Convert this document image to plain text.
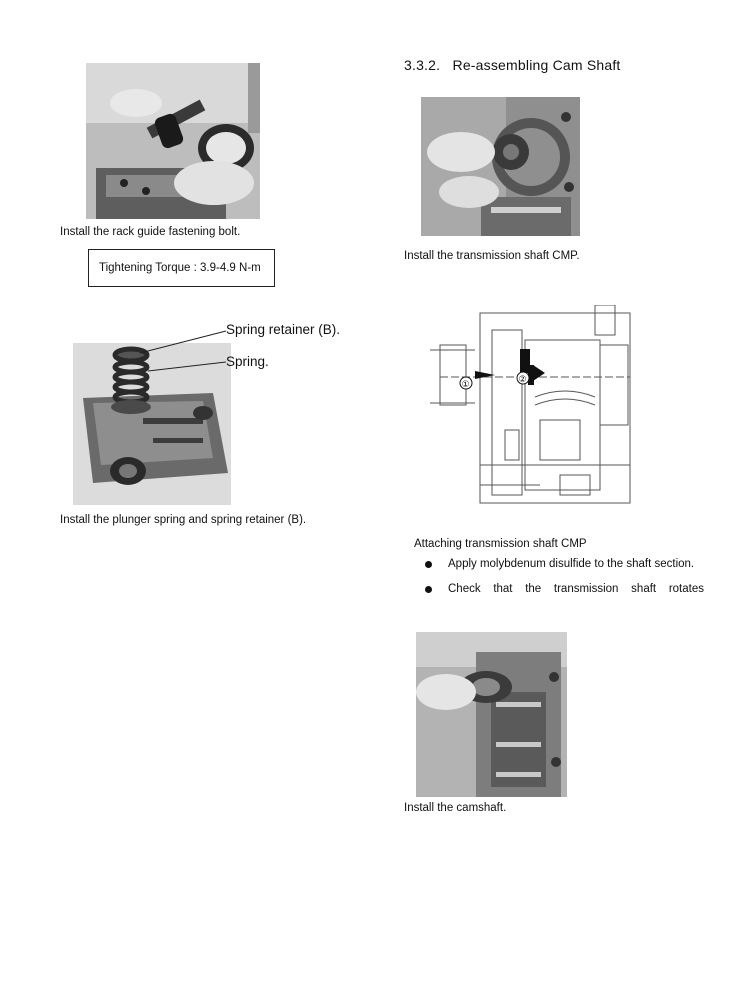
Install the rack guide fastening bolt.
Tightening Torque : 3.9-4.9 N-m
Spring retainer (B).
Spring.
Install the plunger spring and spring retainer (B).
3.3.2. Re-assembling Cam Shaft
Install the transmission shaft CMP.
①	②
Attaching transmission shaft CMP
Apply molybdenum disulfide to the shaft section.
Check that the transmission shaft rotates
Install the camshaft.
